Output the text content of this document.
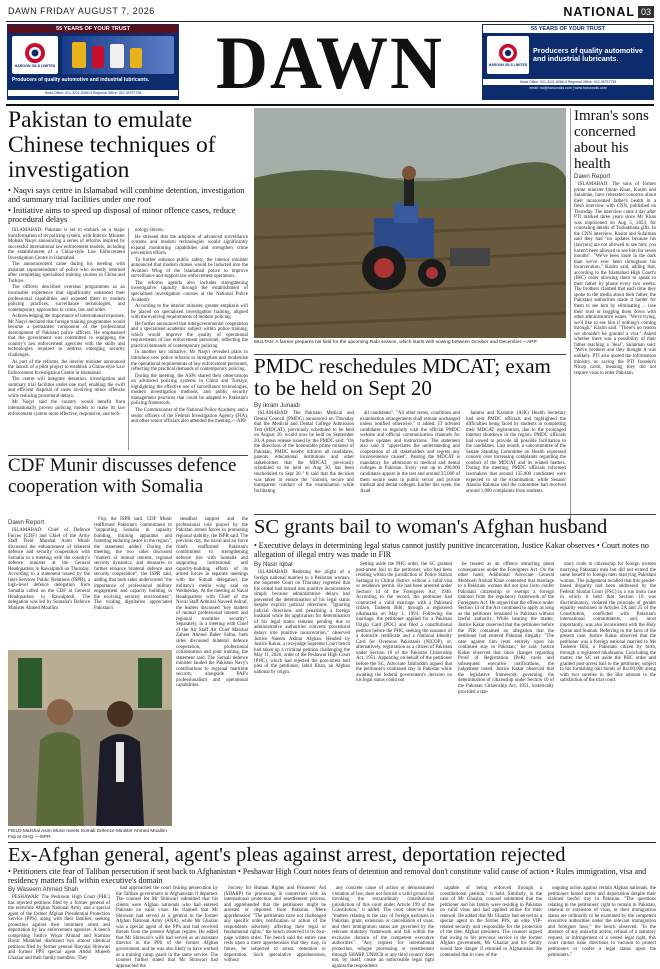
DAWN FRIDAY AUGUST 7, 2026	NATIONAL 03
55 YEARS OF YOUR TRUST
HAROON OILS LIMITED
Producers of quality automotive and industrial lubricants.
Head Office: 021-3221-8086-9 Regional Office: 042-35757758	DAWN	55 YEARS OF YOUR TRUST
HAROON OILS LIMITED
Producers of quality automotive and industrial lubricants.
Head Office: 021-3221-8086-9 Regional Office: 042-35757758
email: hol@haroonoils.com | www.haroonoils.com
Pakistan to emulate Chinese techniques of investigation
• Naqvi says centre in Islamabad will combine detention, investigation and summary trial facilities under one roof
• Initiative aims to speed up disposal of minor offence cases, reduce procedural delays

ISLAMABAD: Pakistan is set to embark on a major transformation of its policing system, with Interior Minister Mohsin Naqvi announcing a series of reforms inspired by successful international law enforcement models, including the establishment of a China-style Law Enforcement Investigation Centre in Islamabad.

The announcement came during his meeting with assistant superintendents of police who recently returned after completing specialised training courses in China and Turkiye.

The officers described overseas programmes as an invaluable experience that significantly enhanced their professional capabilities and exposed them to modern policing practices, surveillance technologies, and contemporary approaches to crime, law and order.

Acknowledging the importance of international exposure, Mr Naqvi declared that foreign training programmes would become a permanent component of the professional development of Pakistan police officers. He emphasised that the government was committed to equipping the country's law enforcement agencies with the skills and technologies required to address emerging security challenges.

As part of the reforms, the interior minister announced the launch of a pilot project to establish a China-style Law Enforcement Investigation Centre in Islamabad.

The centre will integrate detention, investigation and summary trial facilities under one roof, enabling the swift and efficient disposal of cases involving minor offences while reducing procedural delays.

Mr Naqvi said the country would benefit from internationally proven policing models to make its law enforcement system more effective, responsive, and tech-

nology-driven.

He stressed that the adoption of advanced surveillance systems and modern technologies would significantly expand monitoring capabilities and strengthen crime prevention efforts.

To further enhance public safety, the interior minister announced that modern drones would be inducted into the Aviation Wing of the Islamabad police to improve surveillance and support law enforcement operations.

The reforms agenda also includes strengthening investigative capacity through the establishment of specialised investigation courses at the National Police Academy.

According to the interior minister, greater emphasis will be placed on specialised investigation training, aligned with the evolving requirements of modern policing.

He further announced that intergovernmental cooperation and a specialised academic subject within police training, which would improve the quality of operational requirements of law enforcement personnel, reflecting the practical demands of contemporary policing.

In another key initiative, Mr Naqvi revealed plans to introduce new police reforms to strengthen and modernise the operational requirements of law enforcement personnel, reflecting the practical demands of contemporary policing.

During the meeting, the ASPs shared their observations on advanced policing systems in China and Turkiye, highlighting the effective use of surveillance technologies, modern investigation methods, and public security management practices that could be adapted to Pakistan's policing framework.

The Commissioner of the National Police Academy and a senior officers of the Federal Investigation Agency (FIA), and other senior officials also attended the meeting.—APP

MULTAN: A farmer prepares his field for the upcoming Rabi season, which starts with sowing between October and December.—APP
Imran's sons concerned about his health
Dawn Report
ISLAMABAD: The sons of former prime minister Imran Khan, Kasim and Sulaiman, have reiterated concerns about their incarcerated father's health in a fresh interview with CNN, published on Thursday. The interview came a day after PTI marked three years since Mr Khan was imprisoned on Aug 5, 2023, for concealing details of Toshakhana gifts. In the CNN interview, Kasim and Sulaiman said they had "no updates because his [lawyers] are not allowed to see him; you haven't been allowed to see him for seven months". "We've been more in the dark than we've ever been throughout his incarceration," Kasim said, adding that, according to the Islamabad High Court's (IHC) order allowing them to speak to their father by phone every two weeks. The brothers claimed that each time they spoke to the media about their father, the Pakistani authorities made it harder for them to see him by eliminating ... lose their trust or bogging them down with other administrative issues. "We're trying, we'd like to see him if nothing's coming through," Kasim said. "There's no reason we shouldn't be granted a visa." Asked whether there was a possibility of their father reaching a "deal", Sulaiman said: "We're brothers and they thought it was unlikely. PTI also quoted the information ministry as saying the PTI founder's Nicop cards, meaning they did not require visas to enter Pakistan.
PMDC reschedules MDCAT; exam to be held on Sept 20
By Ikram Junaidi
ISLAMABAD: The Pakistan Medical and Dental Council (PMDC) announced on Thursday that the Medical and Dental College Admission Test (MDCAT), previously scheduled to be held on August 30, would now be held on September 20. A press release issued by the PMDC said: "On the directions of the honourable prime minister of Pakistan, PMDC hereby informs all candidates, parents, educational institutions and other stakeholders that the MDCAT, previously scheduled to be held on Aug 30, has been rescheduled to Sept 20." It said that the decision was taken to ensure the "smooth, secure and transparent conduct of the examination while facilitating
all candidates". "All other terms, conditions and examination arrangements shall remain unchanged unless notified otherwise," it added. IT advised candidates to regularly visit the official PMDC website and official communication channels for further updates and instructions. The statement also said it "appreciates the understanding and cooperation of all stakeholders and regrets any inconvenience caused". Passing the MDCAT is mandatory for admission to medical and dental colleges in Pakistan. Every year up to 200,000 candidates appear in the test and around 25,000 of them secure seats in public sector and private medical and dental colleges. Earlier this week, the Azad
Jammu and Kashmir (AJK) Health Secretary had sent PMDC officials and highlighted the difficulties being faced by students in completing their MDCAT registration, due to the prolonged internet shutdown in the region. PMDC officials had vowed to provide all possible facilitation to the candidates. Last month, a subcommittee of the Senate Standing Committee on Health expressed concern over increasing complaints regarding the conduct of the MDCAT and its related matters. During the meeting, PMDC officials informed lawmakers that around 135,000 candidates were expected to sit the examination, while Senator Anusha Rahman said the committee had received around 1,000 complaints from students.
CDF Munir discusses defence cooperation with Somalia
Dawn Report
ISLAMABAD: Chief of Defence Forces (CDF) and Chief of the Army Staff Field Marshal Asim Munir discussed the enhancement of bilateral defence and security cooperation with Somalia in a meeting with the country's defence minister at the General Headquarters in Rawalpindi on Thursday. According to a statement issued by the Inter-Services Public Relations (ISPR), a high-level defence delegation from Somalia called on the CDF at General Headquarters in Rawalpindi. The delegation was led by Somalia's Defence Minister Ahmed Moallim
Fiqi, the ISPR said. CDF Munir reaffirmed Pakistan's commitment to "supporting Somalia in capacity building, training apparatus and fostering enduring peace in the region", the statement added. During the meeting, the two sides discussed "matters of mutual interest, regional security dynamics, and measures to further enhance bilateral defence and security cooperation", the ISPR said, adding that both sides underscored "the importance of professional military engagement and capacity building in the evolving security environment". The visiting dignitaries appreciated Pakistan's
steadfast support and the professional role played by the Pakistan armed forces in promoting regional stability, the ISPR said. The previous day, the naval and air force chiefs reaffirmed Pakistan's commitment to strengthening defence ties with Somalia and supporting institutional and capacity-building efforts of its armed forces in separate meetings with the Somali delegation, the military's media wing said on Wednesday. At the meeting at Naval Headquarters with Chief of the Naval Staff Admiral Naveed Ashraf, the leaders discussed "key matters of mutual professional interest and regional maritime security". Separately, in a meeting with Chief of the Air Staff Air Chief Marshal Zaheer Ahmed Baber Sidhu, both sides discussed bilateral defence cooperation, professional collaboration and joint training, the statement said. The Somali defence minister lauded the Pakistan Navy's contributions to regional maritime security, alongside PAF's professionalism and operational capabilities.
FIELD Marshal Asim Munir meets Somali Defence Minister Ahmed Moallim Fiqi at GHQ.—ISPR
SC grants bail to woman's Afghan husband
• Executive delays in determining legal status cannot justify punitive incarceration, Justice Kakar observes • Court notes no allegation of illegal entry was made in FIR
By Nasir Iqbal
ISLAMABAD: Realising the plight of a foreign national married to a Pakistani woman, the Supreme Court on Thursday regretted that his ordeal had turned into punitive incarceration simply because administrative delays had prevented the determination of his legal status despite explicit judicial directions. "Ignoring judicial directions and penalising a foreign husband while his application for determination of his legal status remains pending due to administrative authorities converts procedural delays into punitive incarceration," observed Justice Naeem Akhtar Afghan. Headed by Justice Kakar, a two-judge Supreme Court bench had taken up a criminal petition challenging the May 11, 2026, order of the Peshawar High Court (PHC), which had rejected the post-arrest bail plea of the petitioner, Jahid Khan, an Afghan national by origin.
Setting aside the PHC order, the SC granted post-arrest bail to the petitioner, who had been residing within the jurisdiction of Police Station Serangai in Chitral district without a valid visa or residence permit. He had been arrested under Section 14 of the Foreigners Act, 1946. According to the record, the petitioner had contracted a valid marriage with a Pakistani citizen, Tasleem Bibi, through a registered nikahnama on May 1, 1994. Following the marriage, the petitioner applied for a Pakistan Origin Card (POC) and filed a constitutional petition before the PHC, seeking the issuance of a domicile certificate and a National Identity Card for Overseas Pakistanis (NICOP), or, alternatively, registration as a citizen of Pakistan under Section 10 of the Pakistan Citizenship Act, 1951. Appearing on behalf of the petitioner before the SC, Advocate Jahiluddin argued that the petitioner's continued stay in Pakistan while awaiting the federal government's decision on his legal status could not
be treated as an offence attracting penal consequences under the Foreigners Act. On the other hand, Additional Advocate General Mehboob Arshad Khan contended that marriage to a Pakistani woman did not ipso facto confer Pakistani citizenship or exempt a foreign national from the regulatory framework of the Foreigners Act. He argued that the offence under Section 14 of the Act continued to apply as long as the petitioner remained in Pakistan without lawful authority. While hearing the matter, Justice Kakar observed that the petitioner before the FIR contained no allegation that the petitioner had entered Pakistan illegally. "The case against him rests entirely upon his continued stay in Pakistan," he said. Justice Kakar observed that since changes regarding Proof of Registration (PoR) cards and subsequent executive notifications, the judgement noted. Justice Kakar observed that the legislative framework governing the determination of citizenship under Section 10 of the Pakistan Citizenship Act, 1951, historically provided a stat-
utory route to citizenship for foreign women marrying Pakistani men but did not extend the same benefit to foreign men marrying Pakistani women. The judgement recalled that this gender-based disparity had been addressed by the Federal Shariat Court (FSC) in a suo motu case in which it held that Section 10 was discriminatory, violated the principle of gender equality enshrined in Articles 2A and 25 of the Constitution, conflicted with Pakistan's international commitments, and, most importantly, was also inconsistent with the Holy Quran and Sunnah. Referring to the facts of the present case, Justice Kakar observed that the petitioner was a foreign national married to Ms Tasleem Bibi, a Pakistani citizen by birth, through a registered nikahnama. Concluding the matter, the SC set aside the PHC order and granted post-arrest bail to the petitioner, subject to his furnishing bail bonds of Rs100,000 along with two sureties in the like amount to the satisfaction of the trial court.
Ex-Afghan general, agent's pleas against arrest, deportation rejected
• Petitioners cite fear of Taliban persecution if sent back to Afghanistan • Peshawar High Court notes fears of detention and removal don't constitute valid cause of action • Rules immigration, visa and residency matters fall within executive's domain
By Waseem Ahmed Shah
PESHAWAR: The Peshawar High Court (PHC) has rejected petitions filed by a former general of the erstwhile Afghan National Army and a special agent of the former Afghan Presidential Protection Service (PPS), along with their families, seeking protection against their imminent arrest and deportation by law enforcement agencies. A bench comprising Justice Wiqar Ahmad and Kamran Hayat Miankhel dismissed two almost identical petitions filed by former general Baryalai Shinwari and former PPS special agent Abdul Mujeeb Ghaziar and their family members. They
had approached the court fearing persecution by the Taliban government in Afghanistan if deported. The counsel for Mr Shinwari submitted that his clients were Afghan nationals who had entered Pakistan on valid visas. He claimed that Mr Shinwari had served as a general in the former Afghan National Army (ANA), while Mr Ghaziar was a special agent of the PPS and had received threats from the present Afghan regime. He added that Mr Shinwari's wife had served as an assistant director in the PPS of the former Afghan government, and he was also likely to have worked as a training camp guard in the same service. The counsel further stated that Mr Shinwari had approached the
Society for Human Rights and Prisoners' Aid (SHARP) for processing in connection with an international protection and resettlement process, and apprehended that the petitioners might be arrested or deported from Pakistan. 'Mere apprehension' "The petitioners have not challenged any specific order, notification or action of the respondents adversely affecting their legal or fundamental rights," the bench observed in its four-page written order. The bench said the entire case rests upon a mere apprehension that they may, in future, be subjected to arrest, detention or deportation. Such speculative apprehensions, without
any concrete cause of action or demonstrated violation of law, does not furnish a valid ground for invoking the extraordinary constitutional jurisdiction of this court under Article 199 of the Constitution," it added. The court observed that "matters relating to the stay of foreign nationals in Pakistan, grant, extension or cancellation of visas, and their immigration status are governed by the relevant statutory framework and fall within the exclusive domain of the competent executive authorities". "Any request for international protection, refugee processing or resettlement through SHARP, UNHCR or any third country does not, by itself, create an enforceable legal right against the respondents
capable of being enforced through a constitutional petition," it held. Similarly, in the case of Mr Ghaziar, counsel submitted that the petitioner and his family were residing in Pakistan on valid visas and had applied online for their renewal. He added that Mr Ghaziar had served as a special agent in the former PPS, an elite VIP-related security unit responsible for the protection of the then Afghan president. The counsel argued that owing to his previous service in the former Afghan government, Mr Ghaziar and his family would face danger if returned to Afghanistan. He contended that in view of the
ongoing action against certain Afghan nationals, the petitioners feared arrest and deportation despite their claimed lawful stay in Pakistan. "The questions relating to the petitioners' right to remain in Pakistan, renewal or extension of visas, or their immigration status are ordinarily to be examined by the competent executive authorities under the relevant immigration and foreigner laws," the bench observed. "In the absence of any unlawful action, refusal of a statutory request, or infringement of a vested legal right, this court cannot issue directions in vacuum to protect petitioners or confer a legal status upon the petitioners."
